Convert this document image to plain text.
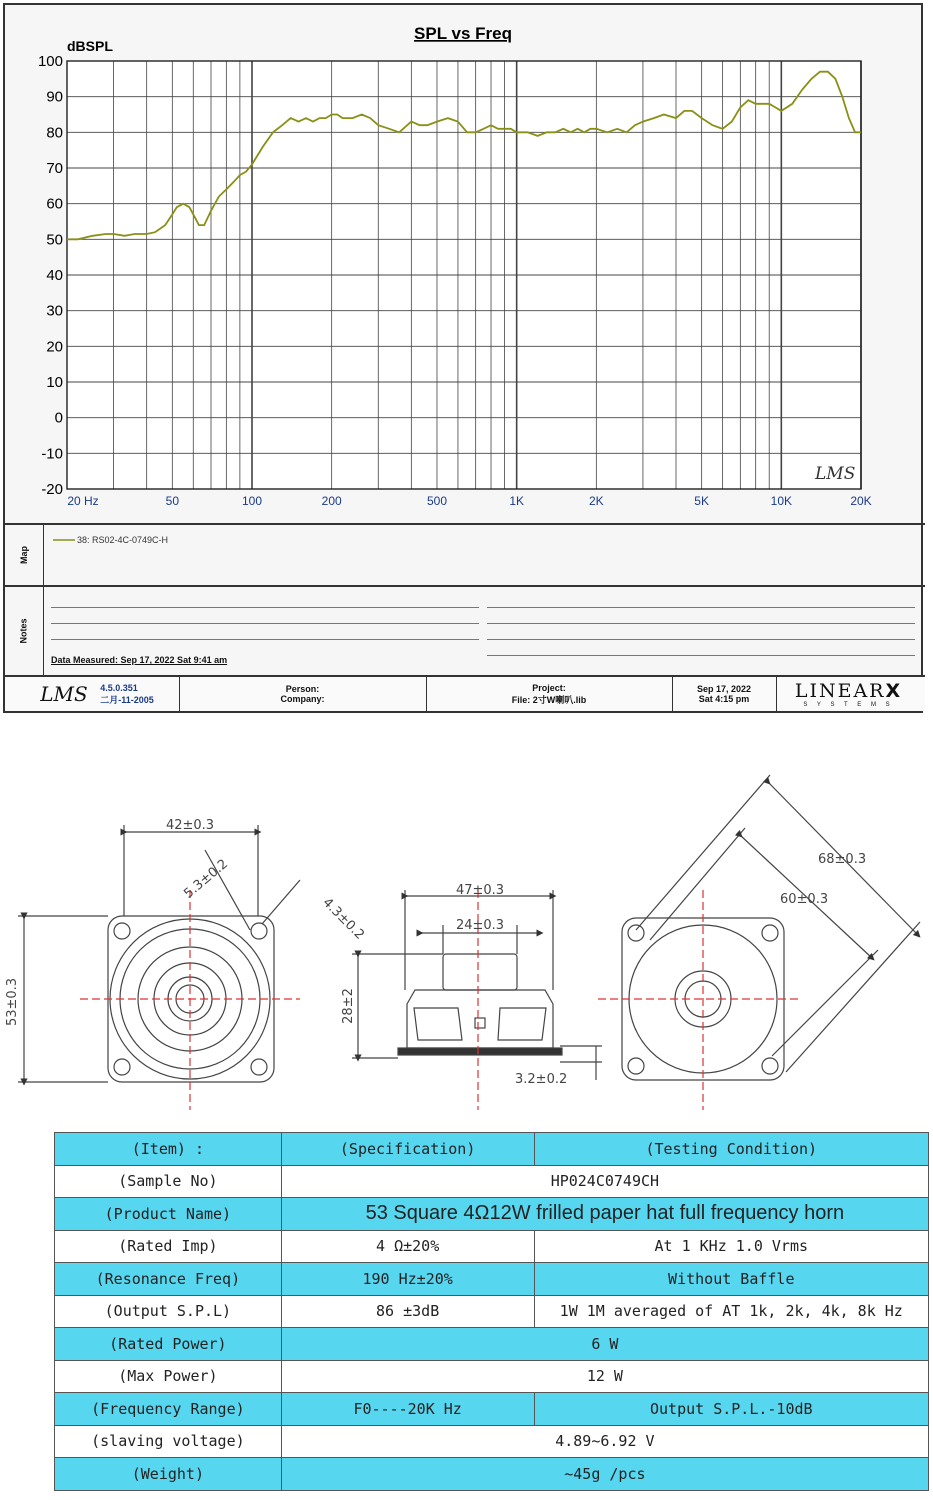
SPL vs Freq
dBSPL
100
90
80
70
60
50
40
30
20
10
0
-10
-20
20 Hz	50	100	200	500	1K	2K	5K	10K	20K
LMS
Map
38: RS02-4C-0749C-H
Notes
Data Measured: Sep 17, 2022 Sat 9:41 am
LMS	4.5.0.351
二月-11-2005
Person:
Company:
Project:
File: 2寸W喇叭.lib
Sep 17, 2022
Sat 4:15 pm LINEARX
S Y S T E M S
42±0.3
5.3±0.2
4.3±0.2
53±0.3
47±0.3
24±0.3
28±2
3.2±0.2
68±0.3
60±0.3
(Item) :	(Specification)	(Testing Condition)
(Sample No)	HP024C0749CH	
(Product Name)	53 Square 4Ω12W frilled paper hat full frequency horn	
(Rated Imp)	4 Ω±20%	At 1 KHz 1.0 Vrms
(Resonance Freq)	190 Hz±20%	Without Baffle
(Output S.P.L)	86 ±3dB	1W 1M averaged of AT 1k, 2k, 4k, 8k Hz
(Rated Power)	6 W	
(Max Power)	12 W	
(Frequency Range)	F0----20K Hz	Output S.P.L.-10dB
(slaving voltage)	4.89~6.92 V	
(Weight)	~45g /pcs	
